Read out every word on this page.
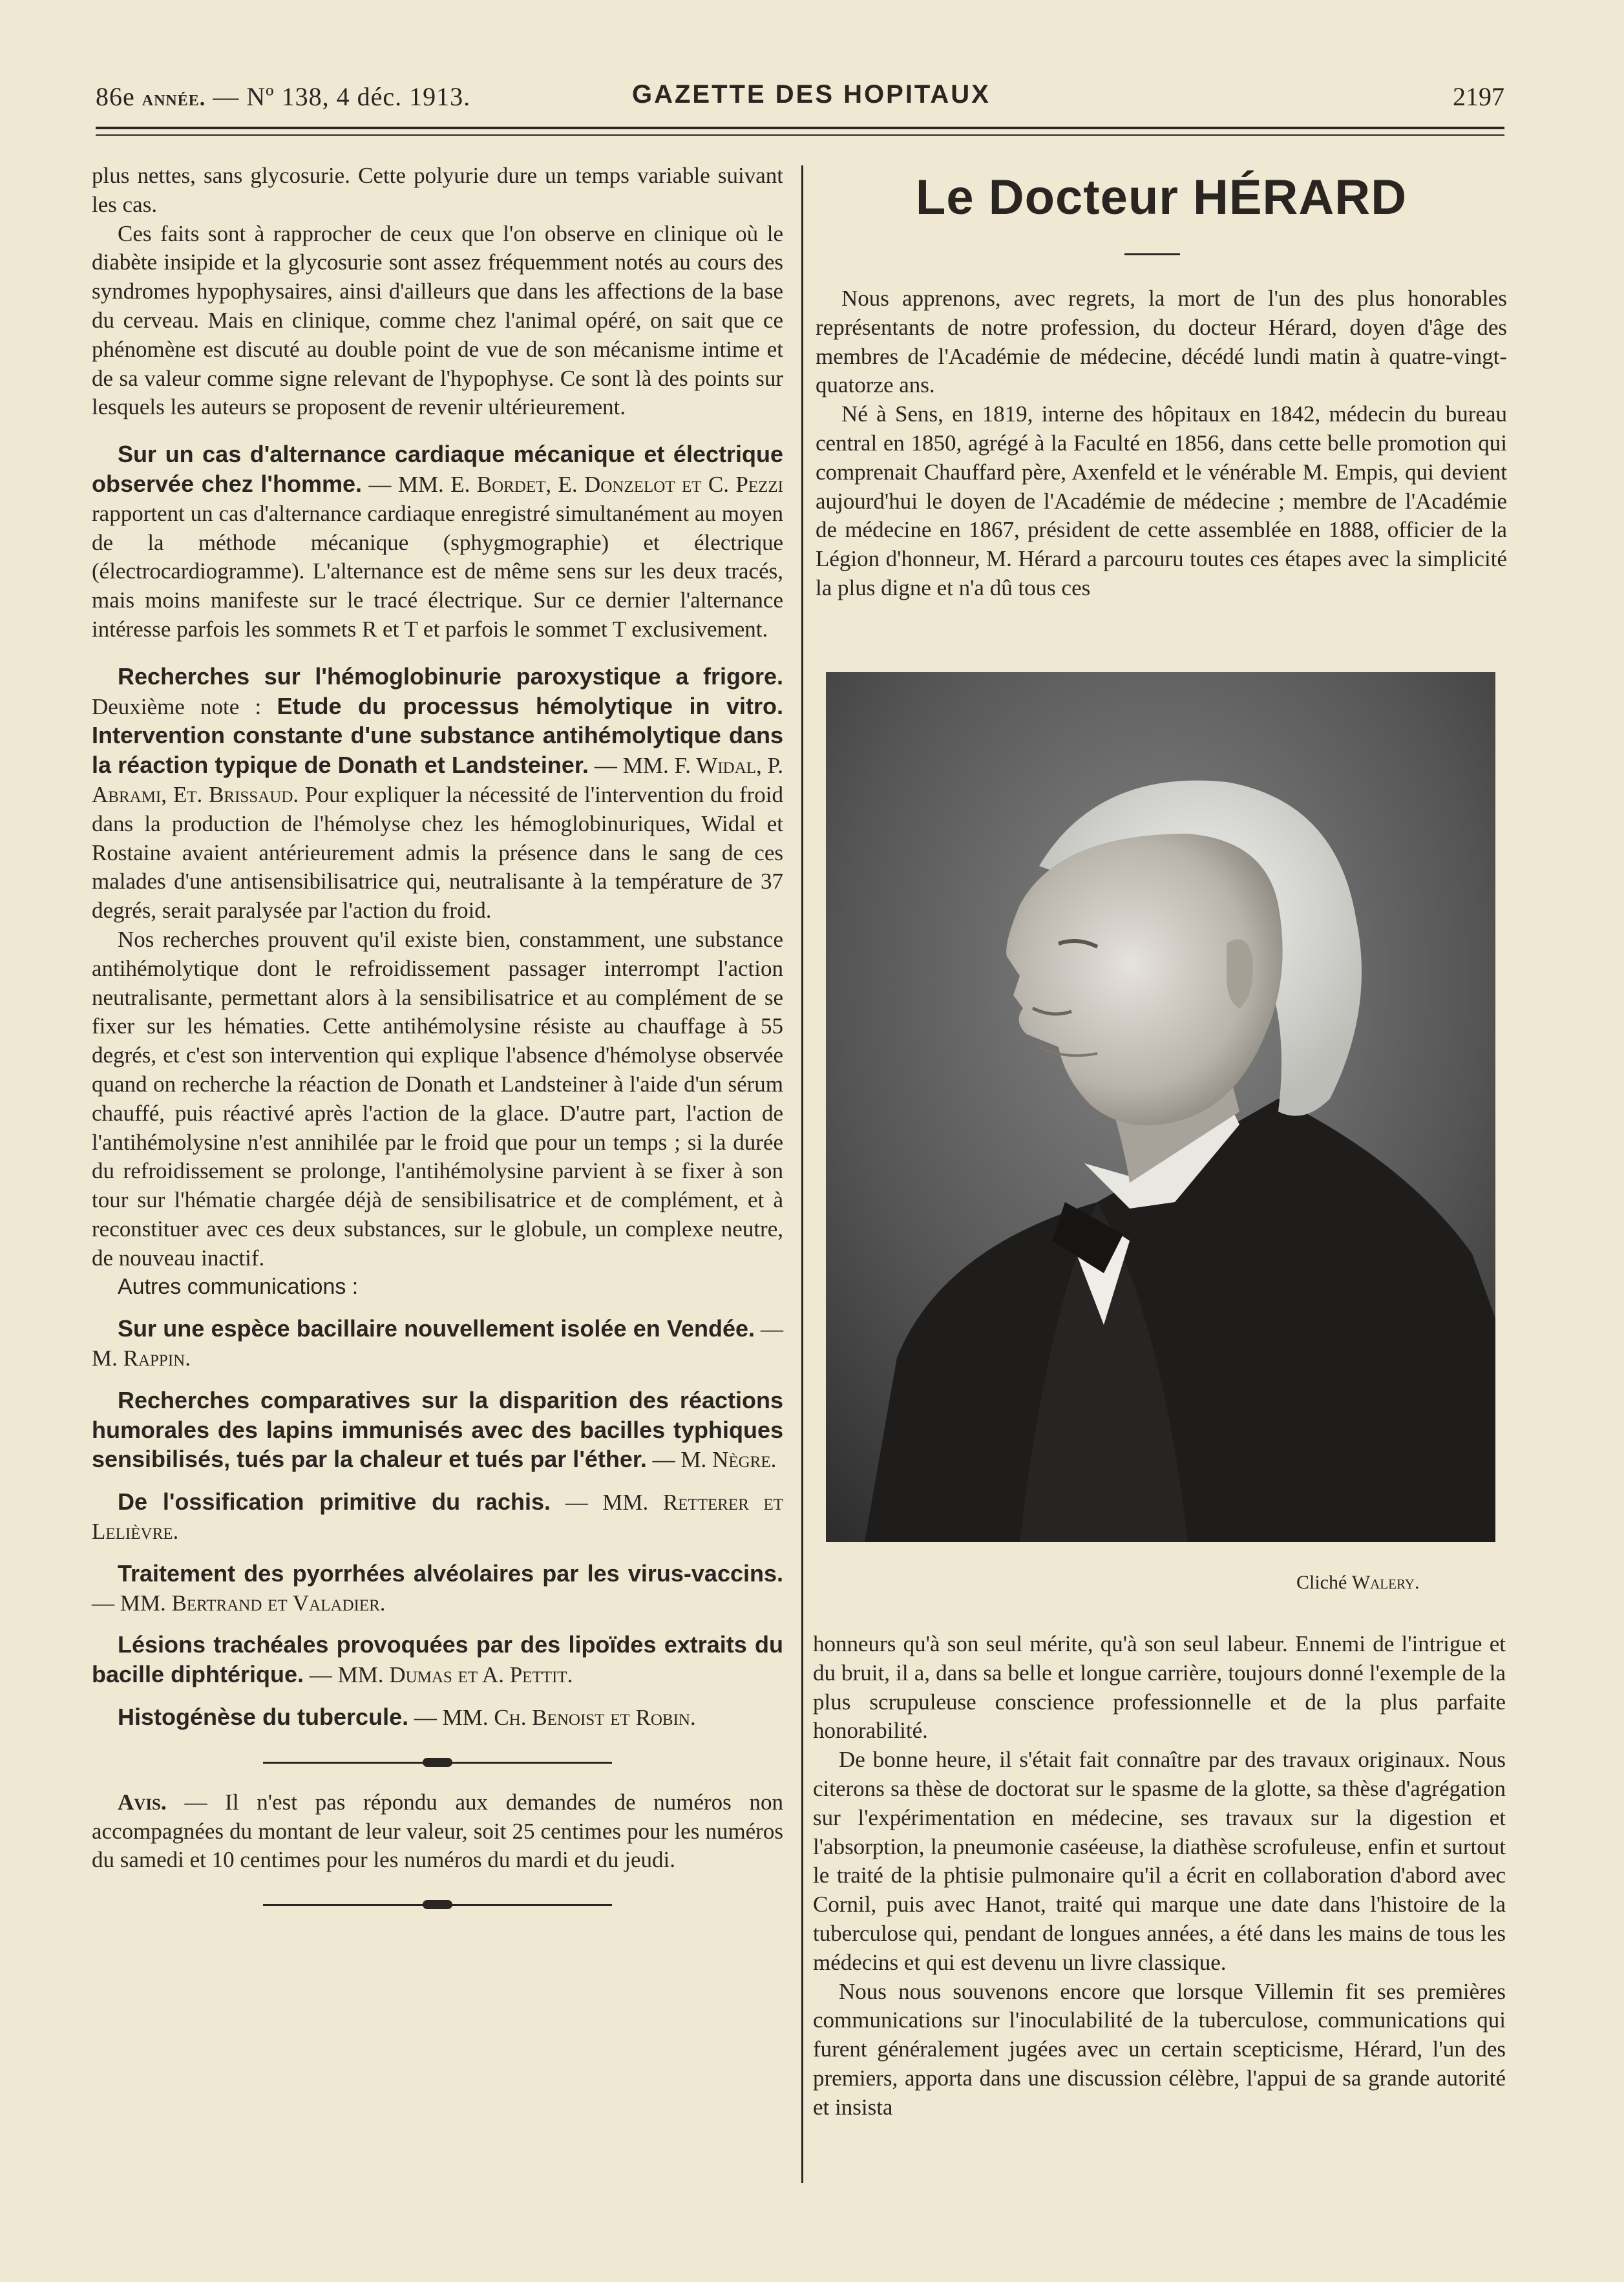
86e année. — Nº 138, 4 déc. 1913.	GAZETTE DES HOPITAUX	2197

plus nettes, sans glycosurie. Cette polyurie dure un temps variable suivant les cas.

Ces faits sont à rapprocher de ceux que l'on observe en clinique où le diabète insipide et la glycosurie sont assez fréquemment notés au cours des syndromes hypophysaires, ainsi d'ailleurs que dans les affections de la base du cerveau. Mais en clinique, comme chez l'animal opéré, on sait que ce phénomène est discuté au double point de vue de son mécanisme intime et de sa valeur comme signe relevant de l'hypophyse. Ce sont là des points sur lesquels les auteurs se proposent de revenir ultérieurement.

Sur un cas d'alternance cardiaque mécanique et électrique observée chez l'homme. — MM. E. Bordet, E. Donzelot et C. Pezzi rapportent un cas d'alternance cardiaque enregistré simultanément au moyen de la méthode mécanique (sphygmographie) et électrique (électrocardiogramme). L'alternance est de même sens sur les deux tracés, mais moins manifeste sur le tracé électrique. Sur ce dernier l'alternance intéresse parfois les sommets R et T et parfois le sommet T exclusivement.

Recherches sur l'hémoglobinurie paroxystique a frigore. Deuxième note : Etude du processus hémolytique in vitro. Intervention constante d'une substance antihémolytique dans la réaction typique de Donath et Landsteiner. — MM. F. Widal, P. Abrami, Et. Brissaud. Pour expliquer la nécessité de l'intervention du froid dans la production de l'hémolyse chez les hémoglobinuriques, Widal et Rostaine avaient antérieurement admis la présence dans le sang de ces malades d'une antisensibilisatrice qui, neutralisante à la température de 37 degrés, serait paralysée par l'action du froid.

Nos recherches prouvent qu'il existe bien, constamment, une substance antihémolytique dont le refroidissement passager interrompt l'action neutralisante, permettant alors à la sensibilisatrice et au complément de se fixer sur les hématies. Cette antihémolysine résiste au chauffage à 55 degrés, et c'est son intervention qui explique l'absence d'hémolyse observée quand on recherche la réaction de Donath et Landsteiner à l'aide d'un sérum chauffé, puis réactivé après l'action de la glace. D'autre part, l'action de l'antihémolysine n'est annihilée par le froid que pour un temps ; si la durée du refroidissement se prolonge, l'antihémolysine parvient à se fixer à son tour sur l'hématie chargée déjà de sensibilisatrice et de complément, et à reconstituer avec ces deux substances, sur le globule, un complexe neutre, de nouveau inactif.

Autres communications :

Sur une espèce bacillaire nouvellement isolée en Vendée. — M. Rappin.

Recherches comparatives sur la disparition des réactions humorales des lapins immunisés avec des bacilles typhiques sensibilisés, tués par la chaleur et tués par l'éther. — M. Nègre.

De l'ossification primitive du rachis. — MM. Retterer et Lelièvre.

Traitement des pyorrhées alvéolaires par les virus-vaccins. — MM. Bertrand et Valadier.

Lésions trachéales provoquées par des lipoïdes extraits du bacille diphtérique. — MM. Dumas et A. Pettit.

Histogénèse du tubercule. — MM. Ch. Benoist et Robin.

Avis. — Il n'est pas répondu aux demandes de numéros non accompagnées du montant de leur valeur, soit 25 centimes pour les numéros du samedi et 10 centimes pour les numéros du mardi et du jeudi.

Le Docteur HÉRARD

Nous apprenons, avec regrets, la mort de l'un des plus honorables représentants de notre profession, du docteur Hérard, doyen d'âge des membres de l'Académie de médecine, décédé lundi matin à quatre-vingt-quatorze ans.

Né à Sens, en 1819, interne des hôpitaux en 1842, médecin du bureau central en 1850, agrégé à la Faculté en 1856, dans cette belle promotion qui comprenait Chauffard père, Axenfeld et le vénérable M. Empis, qui devient aujourd'hui le doyen de l'Académie de médecine ; membre de l'Académie de médecine en 1867, président de cette assemblée en 1888, officier de la Légion d'honneur, M. Hérard a parcouru toutes ces étapes avec la simplicité la plus digne et n'a dû tous ces

Cliché Walery.

honneurs qu'à son seul mérite, qu'à son seul labeur. Ennemi de l'intrigue et du bruit, il a, dans sa belle et longue carrière, toujours donné l'exemple de la plus scrupuleuse conscience professionnelle et de la plus parfaite honorabilité.

De bonne heure, il s'était fait connaître par des travaux originaux. Nous citerons sa thèse de doctorat sur le spasme de la glotte, sa thèse d'agrégation sur l'expérimentation en médecine, ses travaux sur la digestion et l'absorption, la pneumonie caséeuse, la diathèse scrofuleuse, enfin et surtout le traité de la phtisie pulmonaire qu'il a écrit en collaboration d'abord avec Cornil, puis avec Hanot, traité qui marque une date dans l'histoire de la tuberculose qui, pendant de longues années, a été dans les mains de tous les médecins et qui est devenu un livre classique.

Nous nous souvenons encore que lorsque Villemin fit ses premières communications sur l'inoculabilité de la tuberculose, communications qui furent généralement jugées avec un certain scepticisme, Hérard, l'un des premiers, apporta dans une discussion célèbre, l'appui de sa grande autorité et insista
